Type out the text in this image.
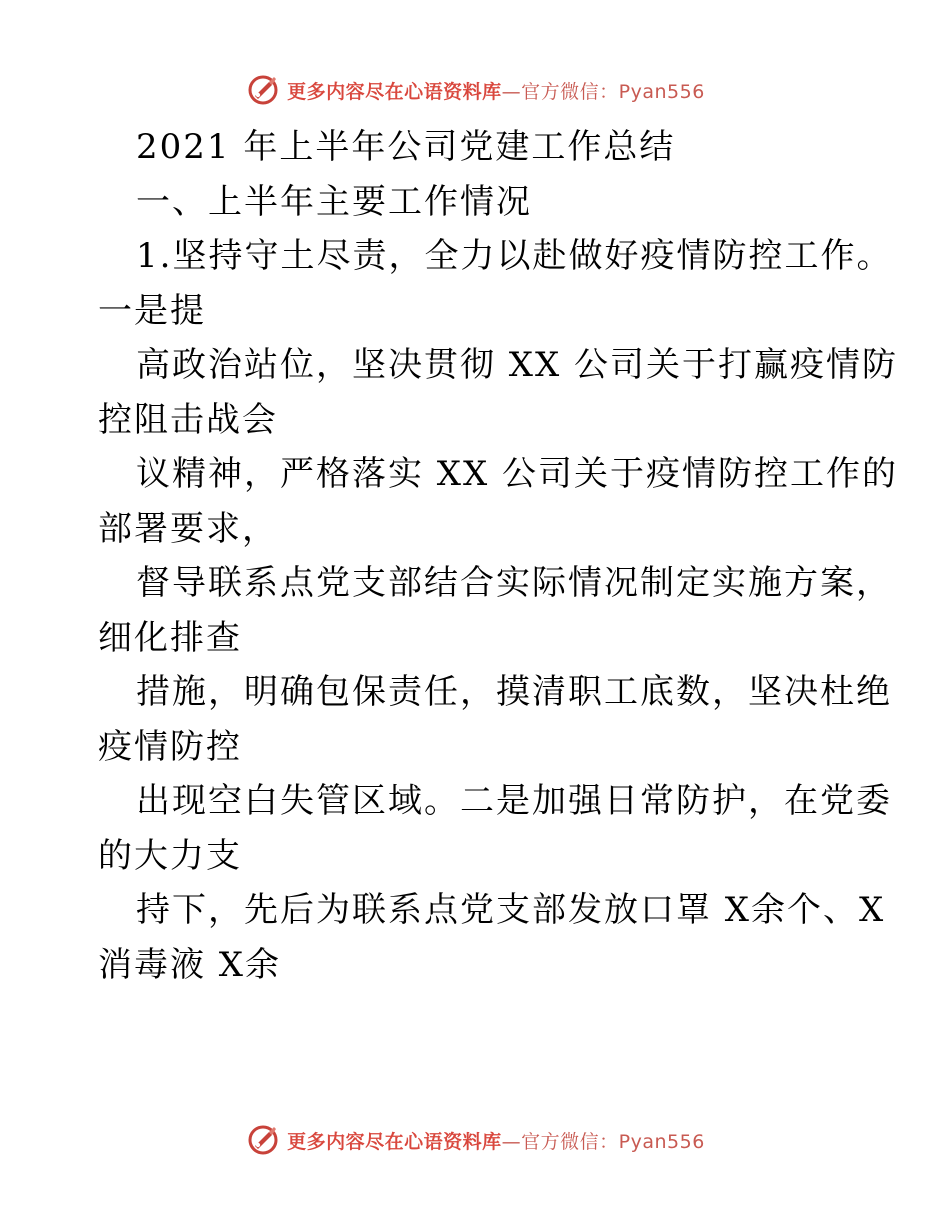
更多内容尽在心语资料库—官方微信：Pyan556
2021 年上半年公司党建工作总结
一、上半年主要工作情况
1.坚持守土尽责，全力以赴做好疫情防控工作。
一是提
高政治站位，坚决贯彻 XX 公司关于打赢疫情防
控阻击战会
议精神，严格落实 XX 公司关于疫情防控工作的
部署要求，
督导联系点党支部结合实际情况制定实施方案，
细化排查
措施，明确包保责任，摸清职工底数，坚决杜绝
疫情防控
出现空白失管区域。二是加强日常防护，在党委
的大力支
持下，先后为联系点党支部发放口罩 X余个、X
消毒液 X余
更多内容尽在心语资料库—官方微信：Pyan556
